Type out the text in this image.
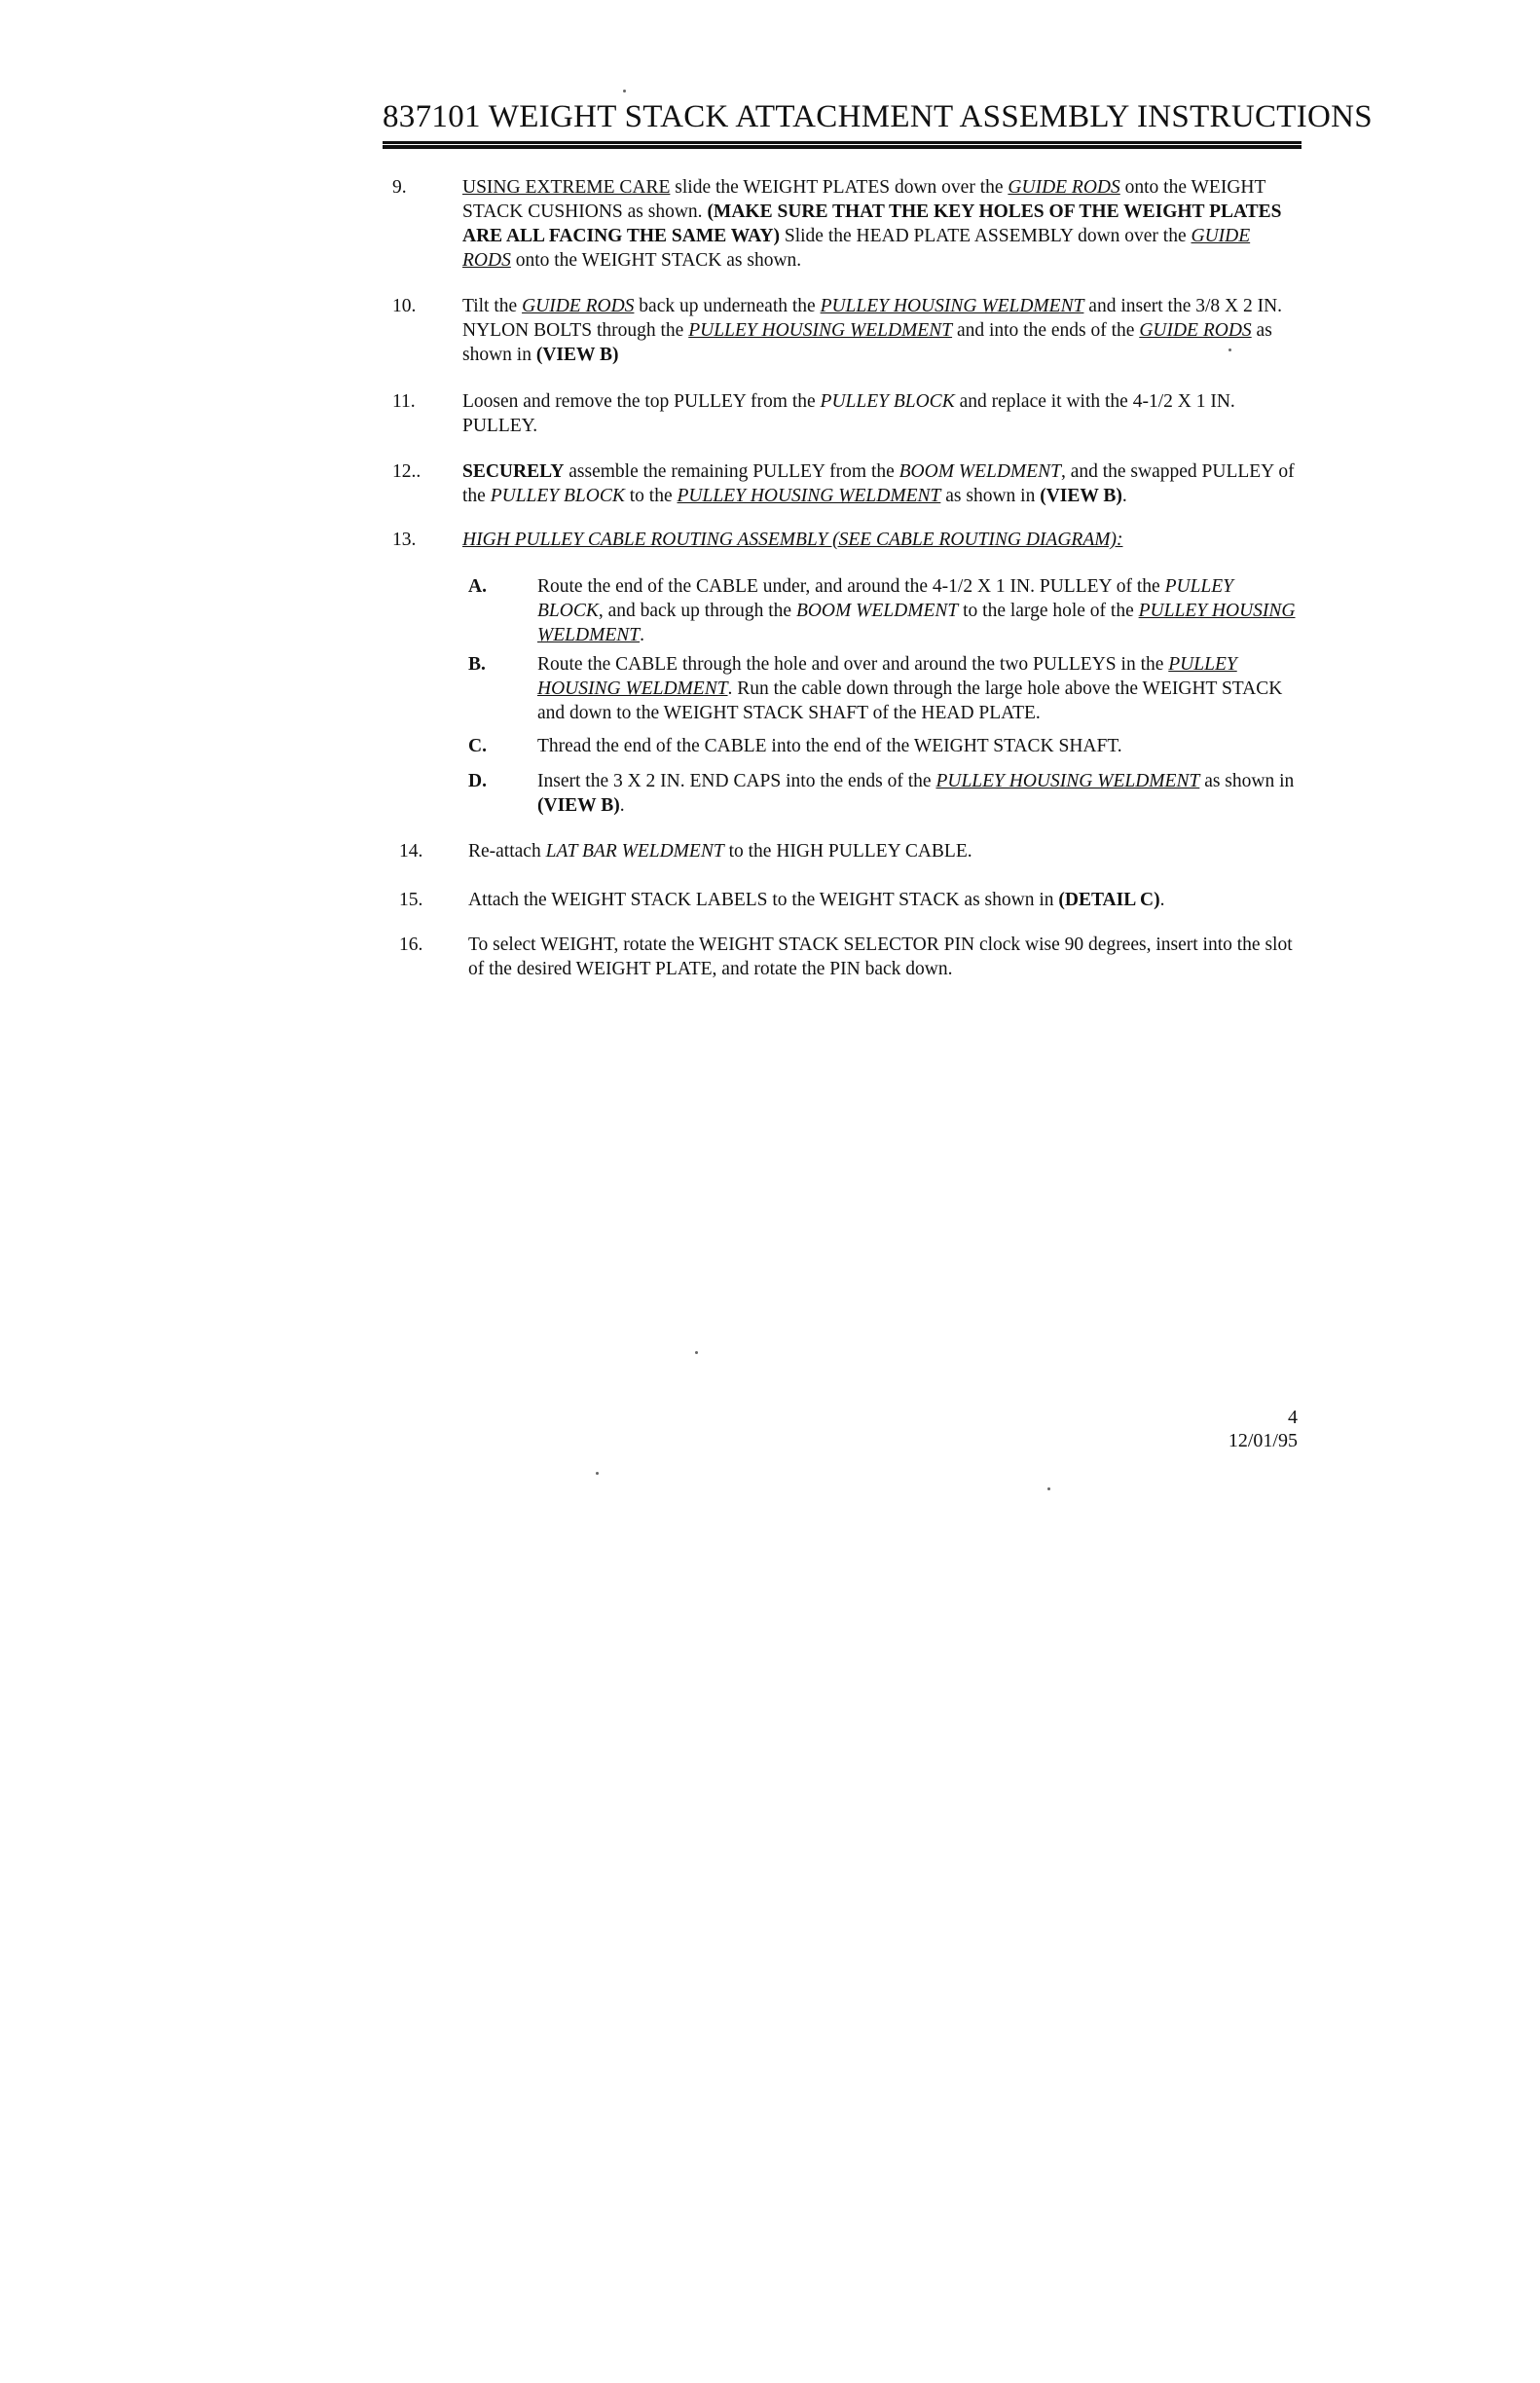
837101 WEIGHT STACK ATTACHMENT ASSEMBLY INSTRUCTIONS
9.	USING EXTREME CARE slide the WEIGHT PLATES down over the GUIDE RODS onto the WEIGHT STACK CUSHIONS as shown. (MAKE SURE THAT THE KEY HOLES OF THE WEIGHT PLATES ARE ALL FACING THE SAME WAY) Slide the HEAD PLATE ASSEMBLY down over the GUIDE RODS onto the WEIGHT STACK as shown.
10.	Tilt the GUIDE RODS back up underneath the PULLEY HOUSING WELDMENT and insert the 3/8 X 2 IN. NYLON BOLTS through the PULLEY HOUSING WELDMENT and into the ends of the GUIDE RODS as shown in (VIEW B)
11.	Loosen and remove the top PULLEY from the PULLEY BLOCK and replace it with the 4-1/2 X 1 IN. PULLEY.
12..	SECURELY assemble the remaining PULLEY from the BOOM WELDMENT, and the swapped PULLEY of the PULLEY BLOCK to the PULLEY HOUSING WELDMENT as shown in (VIEW B).
13.	HIGH PULLEY CABLE ROUTING ASSEMBLY (SEE CABLE ROUTING DIAGRAM):
A.	Route the end of the CABLE under, and around the 4-1/2 X 1 IN. PULLEY of the PULLEY BLOCK, and back up through the BOOM WELDMENT to the large hole of the PULLEY HOUSING WELDMENT.
B.	Route the CABLE through the hole and over and around the two PULLEYS in the PULLEY HOUSING WELDMENT. Run the cable down through the large hole above the WEIGHT STACK and down to the WEIGHT STACK SHAFT of the HEAD PLATE.
C.	Thread the end of the CABLE into the end of the WEIGHT STACK SHAFT.
D.	Insert the 3 X 2 IN. END CAPS into the ends of the PULLEY HOUSING WELDMENT as shown in (VIEW B).
14.	Re-attach LAT BAR WELDMENT to the HIGH PULLEY CABLE.
15.	Attach the WEIGHT STACK LABELS to the WEIGHT STACK as shown in (DETAIL C).
16.	To select WEIGHT, rotate the WEIGHT STACK SELECTOR PIN clock wise 90 degrees, insert into the slot of the desired WEIGHT PLATE, and rotate the PIN back down.
4
12/01/95
